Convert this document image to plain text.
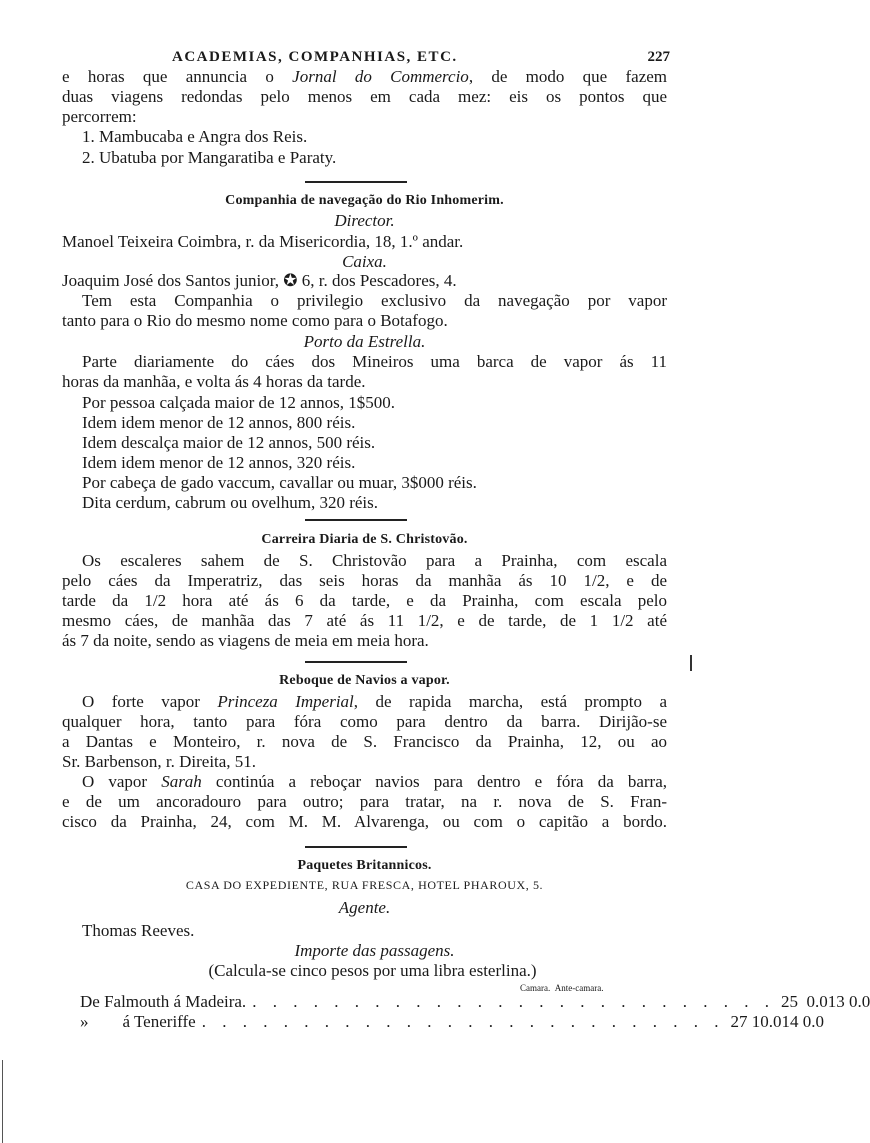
ACADEMIAS, COMPANHIAS, ETC.	227
e horas que annuncia o Jornal do Commercio, de modo que fazem
duas viagens redondas pelo menos em cada mez: eis os pontos que
percorrem:
1. Mambucaba e Angra dos Reis.
2. Ubatuba por Mangaratiba e Paraty.
Companhia de navegação do Rio Inhomerim.
Director.
Manoel Teixeira Coimbra, r. da Misericordia, 18, 1.º andar.
Caixa.
Joaquim José dos Santos junior, ✪ 6, r. dos Pescadores, 4.
Tem esta Companhia o privilegio exclusivo da navegação por vapor
tanto para o Rio do mesmo nome como para o Botafogo.
Porto da Estrella.
Parte diariamente do cáes dos Mineiros uma barca de vapor ás 11
horas da manhãa, e volta ás 4 horas da tarde.
Por pessoa calçada maior de 12 annos, 1$500.
Idem idem menor de 12 annos, 800 réis.
Idem descalça maior de 12 annos, 500 réis.
Idem idem menor de 12 annos, 320 réis.
Por cabeça de gado vaccum, cavallar ou muar, 3$000 réis.
Dita cerdum, cabrum ou ovelhum, 320 réis.
Carreira Diaria de S. Christovão.
Os escaleres sahem de S. Christovão para a Prainha, com escala
pelo cáes da Imperatriz, das seis horas da manhãa ás 10 1/2, e de
tarde da 1/2 hora até ás 6 da tarde, e da Prainha, com escala pelo
mesmo cáes, de manhãa das 7 até ás 11 1/2, e de tarde, de 1 1/2 até
ás 7 da noite, sendo as viagens de meia em meia hora.
Reboque de Navios a vapor.
O forte vapor Princeza Imperial, de rapida marcha, está prompto a
qualquer hora, tanto para fóra como para dentro da barra. Dirijão-se
a Dantas e Monteiro, r. nova de S. Francisco da Prainha, 12, ou ao
Sr. Barbenson, r. Direita, 51.
O vapor Sarah continúa a reboçar navios para dentro e fóra da barra,
e de um ancoradouro para outro; para tratar, na r. nova de S. Fran-
cisco da Prainha, 24, com M. M. Alvarenga, ou com o capitão a bordo.
Paquetes Britannicos.
CASA DO EXPEDIENTE, RUA FRESCA, HOTEL PHAROUX, 5.
Agente.
Thomas Reeves.
Importe das passagens.
(Calcula-se cinco pesos por uma libra esterlina.)
Camara. Ante-camara.
De Falmouth á Madeira. . . . . . . . . . . . . . . . . . . . . . . . . . . 25  0.0 13 0.0
»        á Teneriffe . . . . . . . . . . . . . . . . . . . . . . . . . . 27 10.0 14 0.0
